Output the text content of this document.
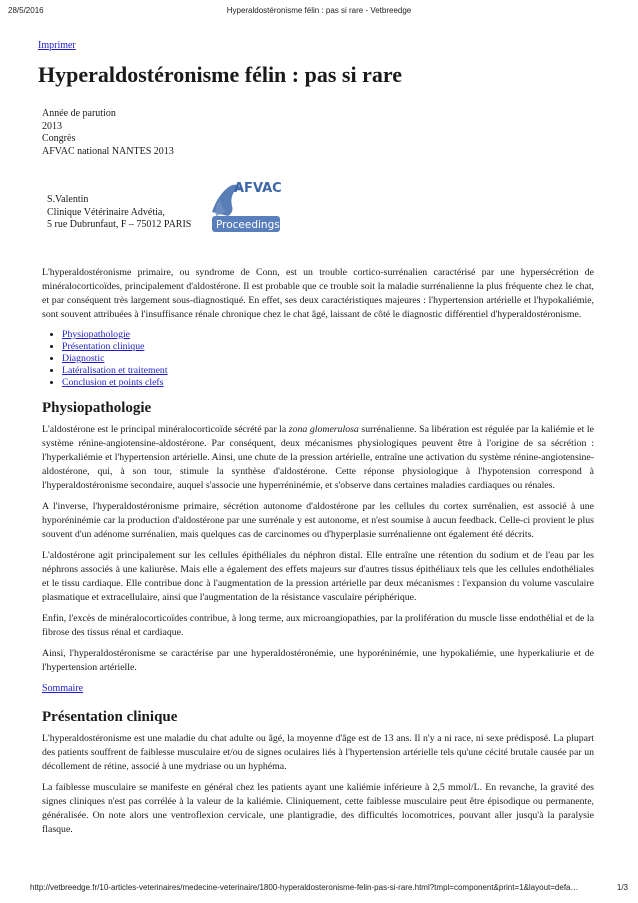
28/5/2016	Hyperaldostéronisme félin : pas si rare - Vetbreedge
Imprimer
Hyperaldostéronisme félin : pas si rare
Année de parution
2013
Congrès
AFVAC national NANTES 2013
S.Valentin
Clinique Vétérinaire Advétia,
5 rue Dubrunfaut, F – 75012 PARIS
AFVAC
Proceedings

L'hyperaldostéronisme primaire, ou syndrome de Conn, est un trouble cortico-surrénalien caractérisé par une hypersécrétion de minéralocorticoïdes, principalement d'aldostérone. Il est probable que ce trouble soit la maladie surrénalienne la plus fréquente chez le chat, et par conséquent très largement sous-diagnostiqué. En effet, ses deux caractéristiques majeures : l'hypertension artérielle et l'hypokaliémie, sont souvent attribuées à l'insuffisance rénale chronique chez le chat âgé, laissant de côté le diagnostic différentiel d'hyperaldostéronisme.

• Physiopathologie
• Présentation clinique
• Diagnostic
• Latéralisation et traitement
• Conclusion et points clefs
Physiopathologie

L'aldostérone est le principal minéralocorticoïde sécrété par la zona glomerulosa surrénalienne. Sa libération est régulée par la kaliémie et le système rénine-angiotensine-aldostérone. Par conséquent, deux mécanismes physiologiques peuvent être à l'origine de sa sécrétion : l'hyperkaliémie et l'hypertension artérielle. Ainsi, une chute de la pression artérielle, entraîne une activation du système rénine-angiotensine-aldostérone, qui, à son tour, stimule la synthèse d'aldostérone. Cette réponse physiologique à l'hypotension correspond à l'hyperaldostéronisme secondaire, auquel s'associe une hyperréninémie, et s'observe dans certaines maladies cardiaques ou rénales.

A l'inverse, l'hyperaldostéronisme primaire, sécrétion autonome d'aldostérone par les cellules du cortex surrénalien, est associé à une hyporéninémie car la production d'aldostérone par une surrénale y est autonome, et n'est soumise à aucun feedback. Celle-ci provient le plus souvent d'un adénome surrénalien, mais quelques cas de carcinomes ou d'hyperplasie surrénalienne ont également été décrits.

L'aldostérone agit principalement sur les cellules épithéliales du néphron distal. Elle entraîne une rétention du sodium et de l'eau par les néphrons associés à une kaliurèse. Mais elle a également des effets majeurs sur d'autres tissus épithéliaux tels que les cellules endothéliales et le tissu cardiaque. Elle contribue donc à l'augmentation de la pression artérielle par deux mécanismes : l'expansion du volume vasculaire plasmatique et extracellulaire, ainsi que l'augmentation de la résistance vasculaire périphérique.

Enfin, l'excès de minéralocorticoïdes contribue, à long terme, aux microangiopathies, par la prolifération du muscle lisse endothélial et de la fibrose des tissus rénal et cardiaque.

Ainsi, l'hyperaldostéronisme se caractérise par une hyperaldostéronémie, une hyporéninémie, une hypokaliémie, une hyperkaliurie et de l'hypertension artérielle.

Sommaire
Présentation clinique

L'hyperaldostéronisme est une maladie du chat adulte ou âgé, la moyenne d'âge est de 13 ans. Il n'y a ni race, ni sexe prédisposé. La plupart des patients souffrent de faiblesse musculaire et/ou de signes oculaires liés à l'hypertension artérielle tels qu'une cécité brutale causée par un décollement de rétine, associé à une mydriase ou un hyphéma.

La faiblesse musculaire se manifeste en général chez les patients ayant une kaliémie inférieure à 2,5 mmol/L. En revanche, la gravité des signes cliniques n'est pas corrélée à la valeur de la kaliémie. Cliniquement, cette faiblesse musculaire peut être épisodique ou permanente, généralisée. On note alors une ventroflexion cervicale, une plantigradie, des difficultés locomotrices, pouvant aller jusqu'à la paralysie flasque.

http://vetbreedge.fr/10-articles-veterinaires/medecine-veterinaire/1800-hyperaldosteronisme-felin-pas-si-rare.html?tmpl=component&print=1&layout=defa…	1/3
